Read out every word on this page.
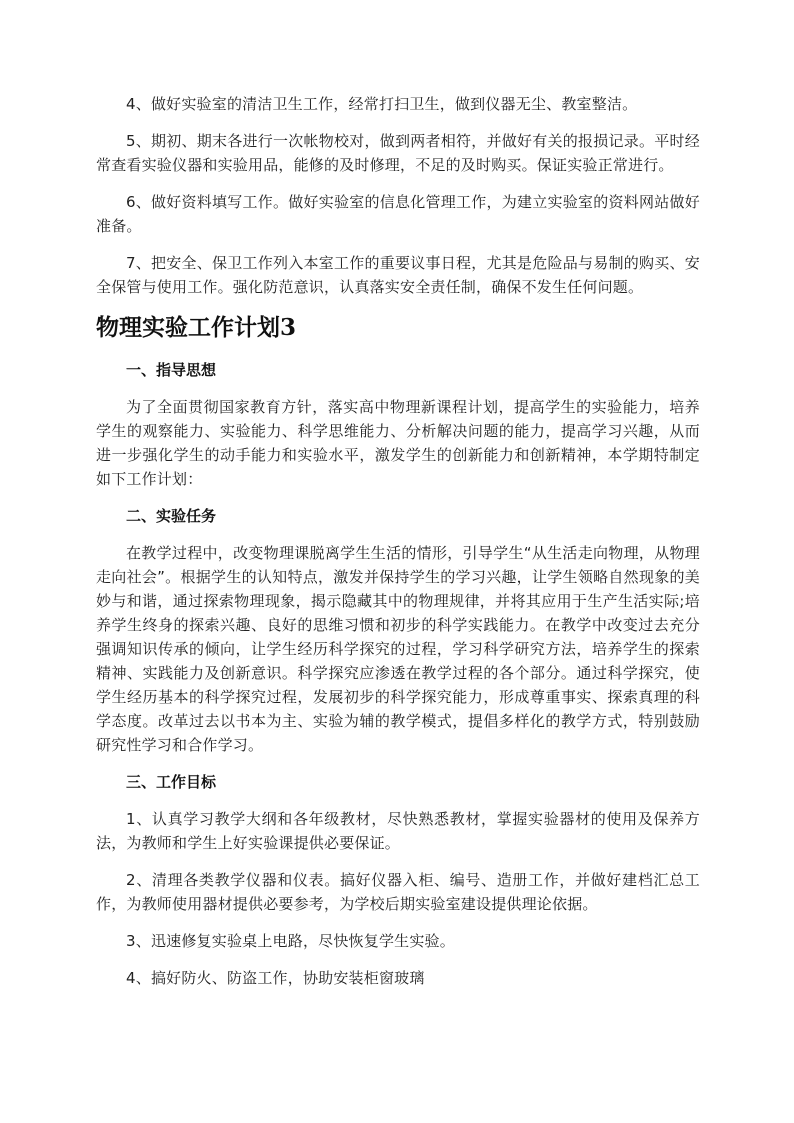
4、做好实验室的清洁卫生工作，经常打扫卫生，做到仪器无尘、教室整洁。

5、期初、期末各进行一次帐物校对，做到两者相符，并做好有关的报损记录。平时经常查看实验仪器和实验用品，能修的及时修理，不足的及时购买。保证实验正常进行。

6、做好资料填写工作。做好实验室的信息化管理工作，为建立实验室的资料网站做好准备。

7、把安全、保卫工作列入本室工作的重要议事日程，尤其是危险品与易制的购买、安全保管与使用工作。强化防范意识，认真落实安全责任制，确保不发生任何问题。

物理实验工作计划3
一、指导思想

为了全面贯彻国家教育方针，落实高中物理新课程计划，提高学生的实验能力，培养学生的观察能力、实验能力、科学思维能力、分析解决问题的能力，提高学习兴趣，从而进一步强化学生的动手能力和实验水平，激发学生的创新能力和创新精神，本学期特制定如下工作计划：

二、实验任务

在教学过程中，改变物理课脱离学生生活的情形，引导学生“从生活走向物理，从物理走向社会”。根据学生的认知特点，激发并保持学生的学习兴趣，让学生领略自然现象的美妙与和谐，通过探索物理现象，揭示隐藏其中的物理规律，并将其应用于生产生活实际;培养学生终身的探索兴趣、良好的思维习惯和初步的科学实践能力。在教学中改变过去充分强调知识传承的倾向，让学生经历科学探究的过程，学习科学研究方法，培养学生的探索精神、实践能力及创新意识。科学探究应渗透在教学过程的各个部分。通过科学探究，使学生经历基本的科学探究过程，发展初步的科学探究能力，形成尊重事实、探索真理的科学态度。改革过去以书本为主、实验为辅的教学模式，提倡多样化的教学方式，特别鼓励研究性学习和合作学习。

三、工作目标

1、认真学习教学大纲和各年级教材，尽快熟悉教材，掌握实验器材的使用及保养方法，为教师和学生上好实验课提供必要保证。

2、清理各类教学仪器和仪表。搞好仪器入柜、编号、造册工作，并做好建档汇总工作，为教师使用器材提供必要参考，为学校后期实验室建设提供理论依据。

3、迅速修复实验桌上电路，尽快恢复学生实验。

4、搞好防火、防盗工作，协助安装柜窗玻璃
